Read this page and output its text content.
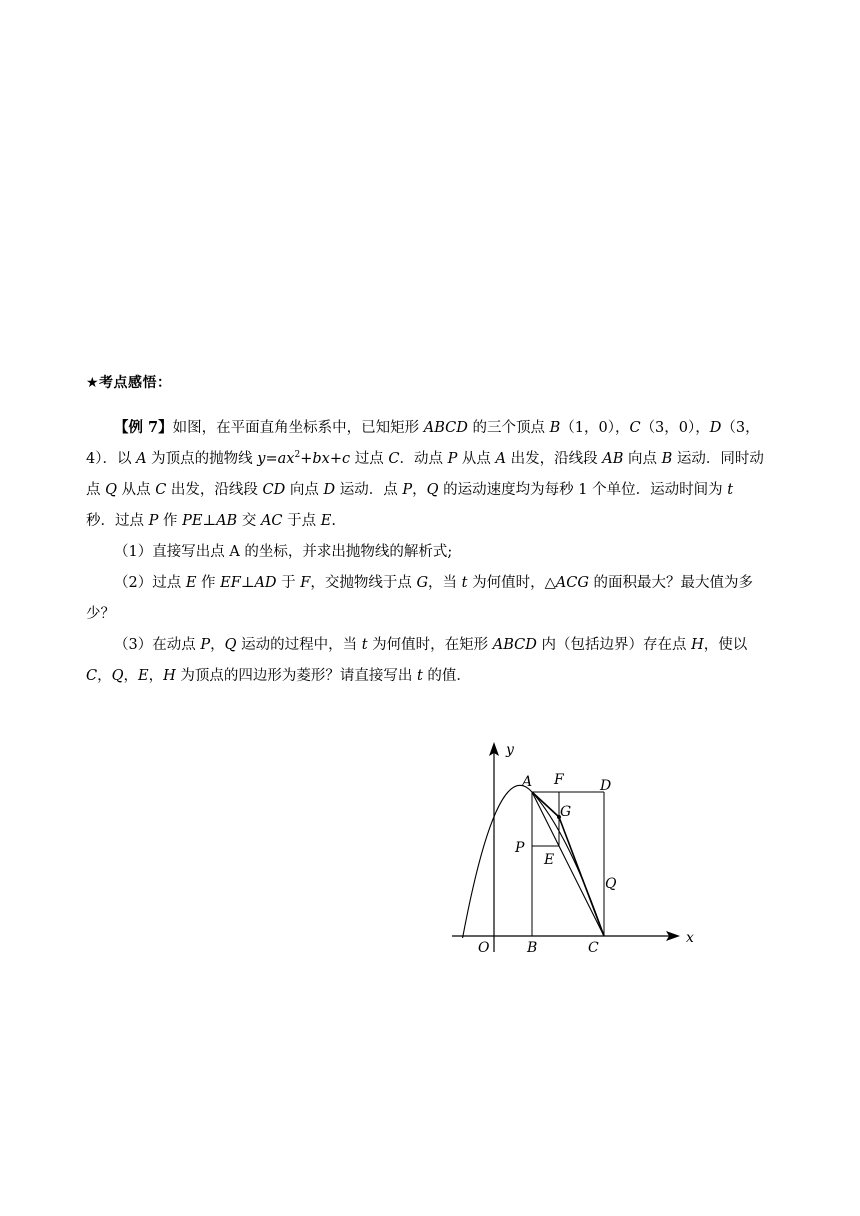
★考点感悟：

【例 7】如图，在平面直角坐标系中，已知矩形 ABCD 的三个顶点 B（1，0），C（3，0），D（3，4）．以 A 为顶点的抛物线 $y=ax^2+bx+c$ 过点 C．动点 P 从点 A 出发，沿线段 AB 向点 B 运动．同时动点 Q 从点 C 出发，沿线段 CD 向点 D 运动．点 P，Q 的运动速度均为每秒 1 个单位．运动时间为 t 秒．过点 P 作 PE⊥AB 交 AC 于点 E.

（1）直接写出点 A 的坐标，并求出抛物线的解析式;

（2）过点 E 作 EF⊥AD 于 F，交抛物线于点 G，当 t 为何值时，△ACG 的面积最大？最大值为多少？

（3）在动点 P，Q 运动的过程中，当 t 为何值时，在矩形 ABCD 内（包括边界）存在点 H，使以 C，Q，E，H 为顶点的四边形为菱形？请直接写出 t 的值．

y
x
O
A
B	C
D
F
G
P
E
Q
